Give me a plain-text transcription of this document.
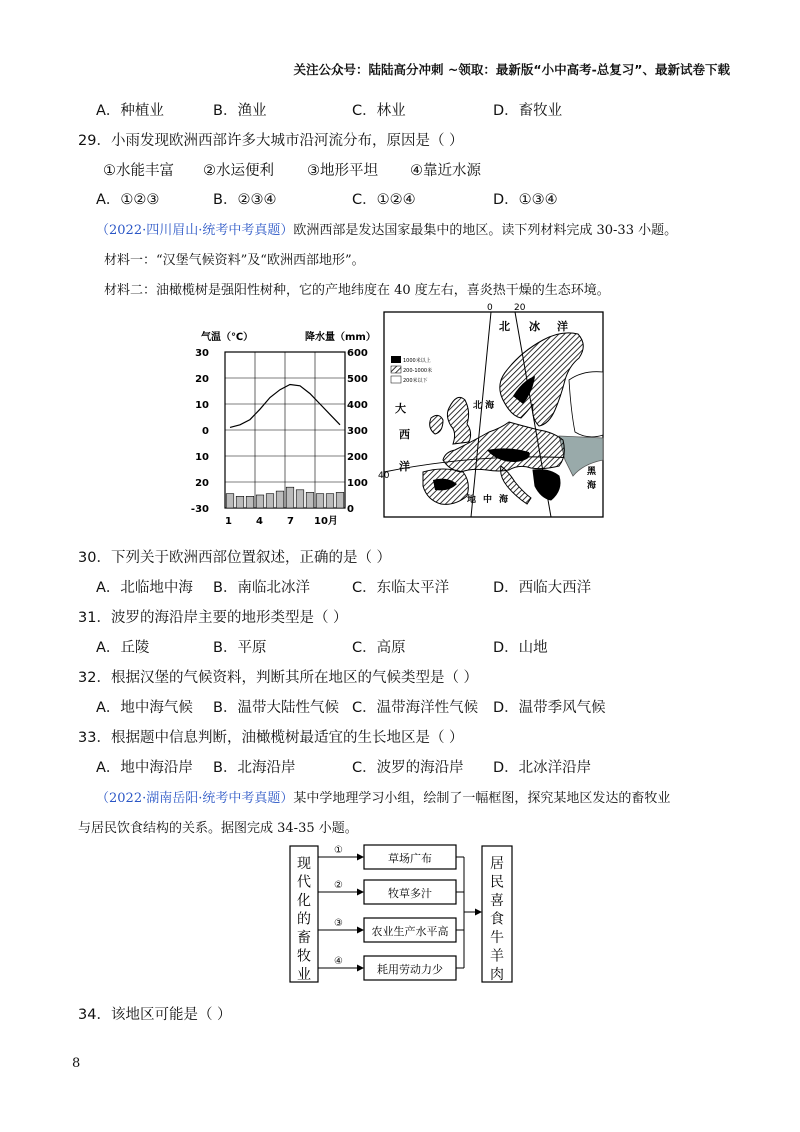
关注公众号：陆陆高分冲刺 ~领取：最新版“小中高考-总复习”、最新试卷下载
A．种植业	B．渔业	C．林业	D．畜牧业
29．小雨发现欧洲西部许多大城市沿河流分布，原因是（ ）
①水能丰富 ②水运便利 ③地形平坦 ④靠近水源
A．①②③	B．②③④	C．①②④	D．①③④
（2022·四川眉山·统考中考真题）欧洲西部是发达国家最集中的地区。读下列材料完成 30-33 小题。
材料一：“汉堡气候资料”及“欧洲西部地形”。
材料二：油橄榄树是强阳性树种，它的产地纬度在 40 度左右，喜炎热干燥的生态环境。
气温（℃）	降水量（mm）
30
20
10
0
10
20
-30
600
500
400
300
200
100
0
1 4 7 10月
0 20
40
1000米以上
200-1000米
200米以下
北 冰 洋
大
西
洋
北 海
地 中 海
黑
海
30．下列关于欧洲西部位置叙述，正确的是（ ）
A．北临地中海 B．南临北冰洋	C．东临太平洋	D．西临大西洋
31．波罗的海沿岸主要的地形类型是（ ）
A．丘陵	B．平原	C．高原	D．山地
32．根据汉堡的气候资料，判断其所在地区的气候类型是（ ）
A．地中海气候 B．温带大陆性气候 C．温带海洋性气候 D．温带季风气候
33．根据题中信息判断，油橄榄树最适宜的生长地区是（ ）
A．地中海沿岸 B．北海沿岸	C．波罗的海沿岸 D．北冰洋沿岸
（2022·湖南岳阳·统考中考真题）某中学地理学习小组，绘制了一幅框图，探究某地区发达的畜牧业
与居民饮食结构的关系。据图完成 34-35 小题。
现
代
化
的
畜
牧
业
草场广布
牧草多汁
农业生产水平高
耗用劳动力少
①
②
③
④
居
民
喜
食
牛
羊
肉
34．该地区可能是（ ）
8
